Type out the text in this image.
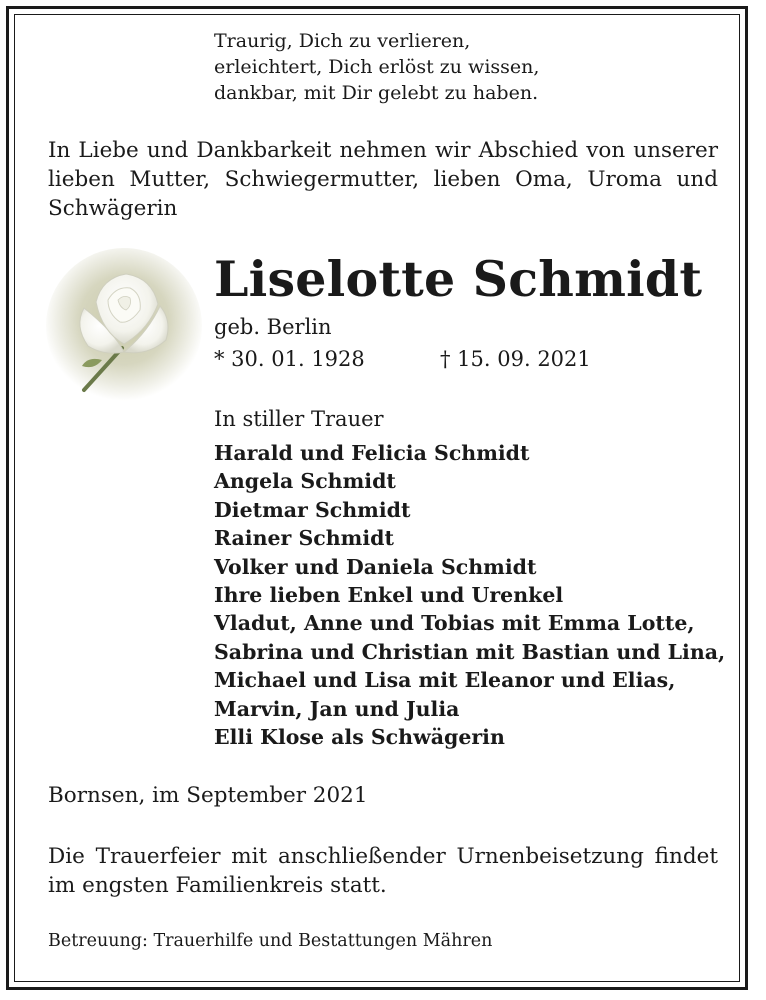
Traurig, Dich zu verlieren,
erleichtert, Dich erlöst zu wissen,
dankbar, mit Dir gelebt zu haben.
In Liebe und Dankbarkeit nehmen wir Abschied von unserer
lieben Mutter, Schwiegermutter, lieben Oma, Uroma und
Schwägerin
Liselotte Schmidt
geb. Berlin
* 30. 01. 1928	† 15. 09. 2021
In stiller Trauer
Harald und Felicia Schmidt
Angela Schmidt
Dietmar Schmidt
Rainer Schmidt
Volker und Daniela Schmidt
Ihre lieben Enkel und Urenkel
Vladut, Anne und Tobias mit Emma Lotte,
Sabrina und Christian mit Bastian und Lina,
Michael und Lisa mit Eleanor und Elias,
Marvin, Jan und Julia
Elli Klose als Schwägerin
Bornsen, im September 2021
Die Trauerfeier mit anschließender Urnenbeisetzung findet
im engsten Familienkreis statt.
Betreuung: Trauerhilfe und Bestattungen Mähren
